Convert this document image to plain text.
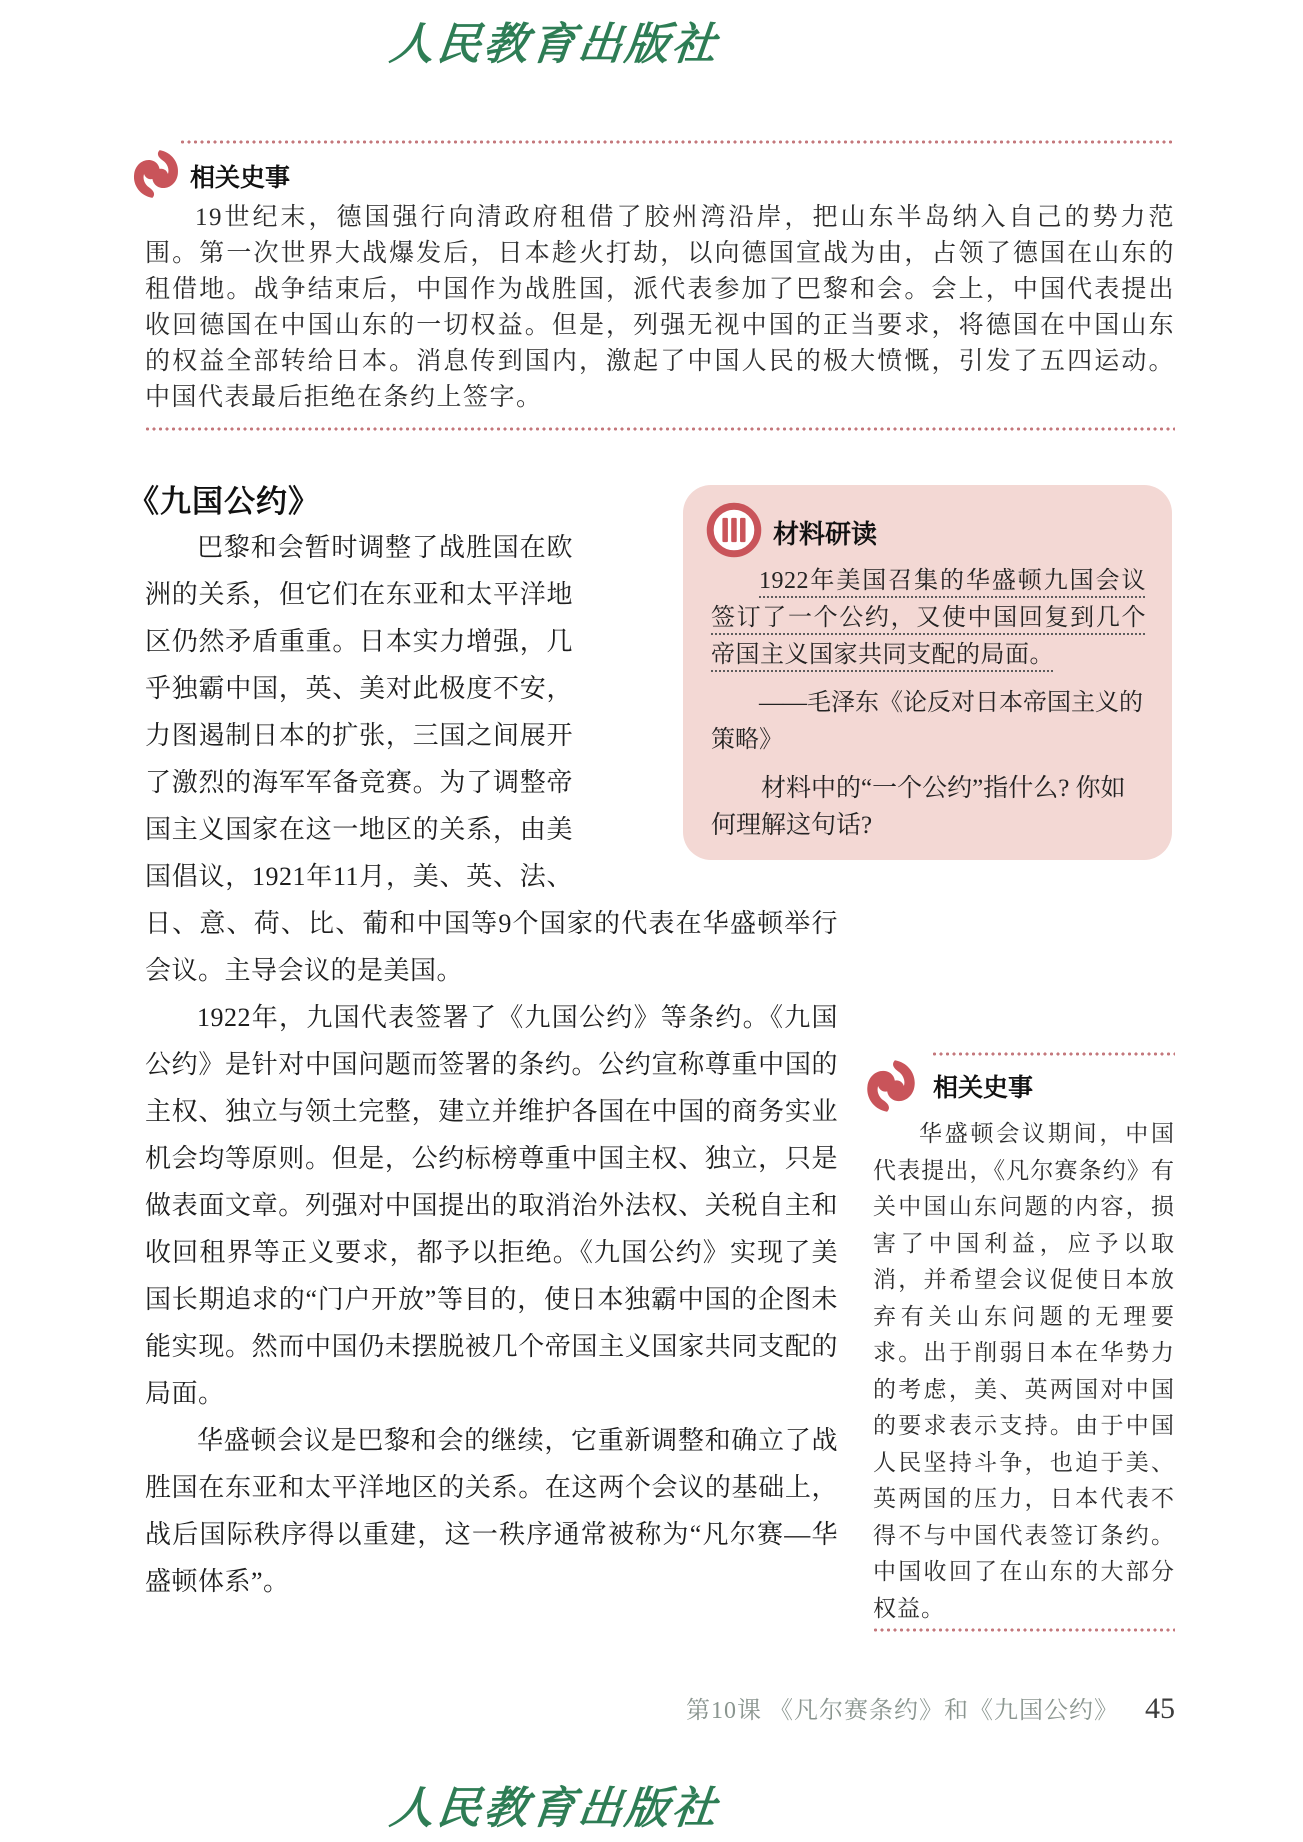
人民教育出版社
相关史事
19世纪末，德国强行向清政府租借了胶州湾沿岸，把山东半岛纳入自己的势力范围。第一次世界大战爆发后，日本趁火打劫，以向德国宣战为由，占领了德国在山东的租借地。战争结束后，中国作为战胜国，派代表参加了巴黎和会。会上，中国代表提出收回德国在中国山东的一切权益。但是，列强无视中国的正当要求，将德国在中国山东的权益全部转给日本。消息传到国内，激起了中国人民的极大愤慨，引发了五四运动。中国代表最后拒绝在条约上签字。
《九国公约》

巴黎和会暂时调整了战胜国在欧洲的关系，但它们在东亚和太平洋地区仍然矛盾重重。日本实力增强，几乎独霸中国，英、美对此极度不安，力图遏制日本的扩张，三国之间展开了激烈的海军军备竞赛。为了调整帝国主义国家在这一地区的关系，由美国倡议，1921年11月，美、英、法、日、意、荷、比、葡和中国等9个国家的代表在华盛顿举行会议。主导会议的是美国。

1922年，九国代表签署了《九国公约》等条约。《九国公约》是针对中国问题而签署的条约。公约宣称尊重中国的主权、独立与领土完整，建立并维护各国在中国的商务实业机会均等原则。但是，公约标榜尊重中国主权、独立，只是做表面文章。列强对中国提出的取消治外法权、关税自主和收回租界等正义要求，都予以拒绝。《九国公约》实现了美国长期追求的“门户开放”等目的，使日本独霸中国的企图未能实现。然而中国仍未摆脱被几个帝国主义国家共同支配的局面。

华盛顿会议是巴黎和会的继续，它重新调整和确立了战胜国在东亚和太平洋地区的关系。在这两个会议的基础上，战后国际秩序得以重建，这一秩序通常被称为“凡尔赛—华盛顿体系”。

材料研读

1922年美国召集的华盛顿九国会议签订了一个公约，又使中国回复到几个帝国主义国家共同支配的局面。

——毛泽东《论反对日本帝国主义的策略》

材料中的“一个公约”指什么? 你如何理解这句话?

相关史事
华盛顿会议期间，中国代表提出，《凡尔赛条约》有关中国山东问题的内容，损害了中国利益，应予以取消，并希望会议促使日本放弃有关山东问题的无理要求。出于削弱日本在华势力的考虑，美、英两国对中国的要求表示支持。由于中国人民坚持斗争，也迫于美、英两国的压力，日本代表不得不与中国代表签订条约。中国收回了在山东的大部分权益。
第10课 《凡尔赛条约》和《九国公约》 45
人民教育出版社
